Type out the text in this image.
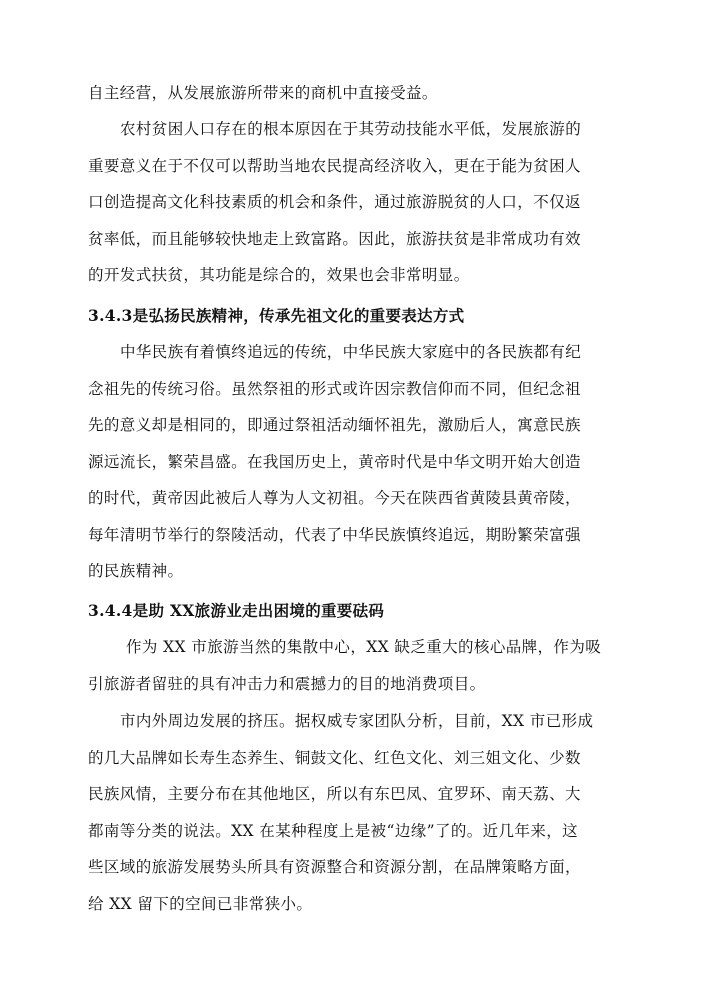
自主经营，从发展旅游所带来的商机中直接受益。
农村贫困人口存在的根本原因在于其劳动技能水平低，发展旅游的
重要意义在于不仅可以帮助当地农民提高经济收入，更在于能为贫困人
口创造提高文化科技素质的机会和条件，通过旅游脱贫的人口，不仅返
贫率低，而且能够较快地走上致富路。因此，旅游扶贫是非常成功有效
的开发式扶贫，其功能是综合的，效果也会非常明显。
3.4.3是弘扬民族精神，传承先祖文化的重要表达方式
中华民族有着慎终追远的传统，中华民族大家庭中的各民族都有纪
念祖先的传统习俗。虽然祭祖的形式或许因宗教信仰而不同，但纪念祖
先的意义却是相同的，即通过祭祖活动缅怀祖先，激励后人，寓意民族
源远流长，繁荣昌盛。在我国历史上，黄帝时代是中华文明开始大创造
的时代，黄帝因此被后人尊为人文初祖。今天在陕西省黄陵县黄帝陵，
每年清明节举行的祭陵活动，代表了中华民族慎终追远，期盼繁荣富强
的民族精神。
3.4.4是助 XX旅游业走出困境的重要砝码
作为 XX 市旅游当然的集散中心，XX 缺乏重大的核心品牌，作为吸
引旅游者留驻的具有冲击力和震撼力的目的地消费项目。
市内外周边发展的挤压。据权威专家团队分析，目前，XX 市已形成
的几大品牌如长寿生态养生、铜鼓文化、红色文化、刘三姐文化、少数
民族风情，主要分布在其他地区，所以有东巴凤、宜罗环、南天荔、大
都南等分类的说法。XX 在某种程度上是被“边缘”了的。近几年来，这
些区域的旅游发展势头所具有资源整合和资源分割，在品牌策略方面，
给 XX 留下的空间已非常狭小。
